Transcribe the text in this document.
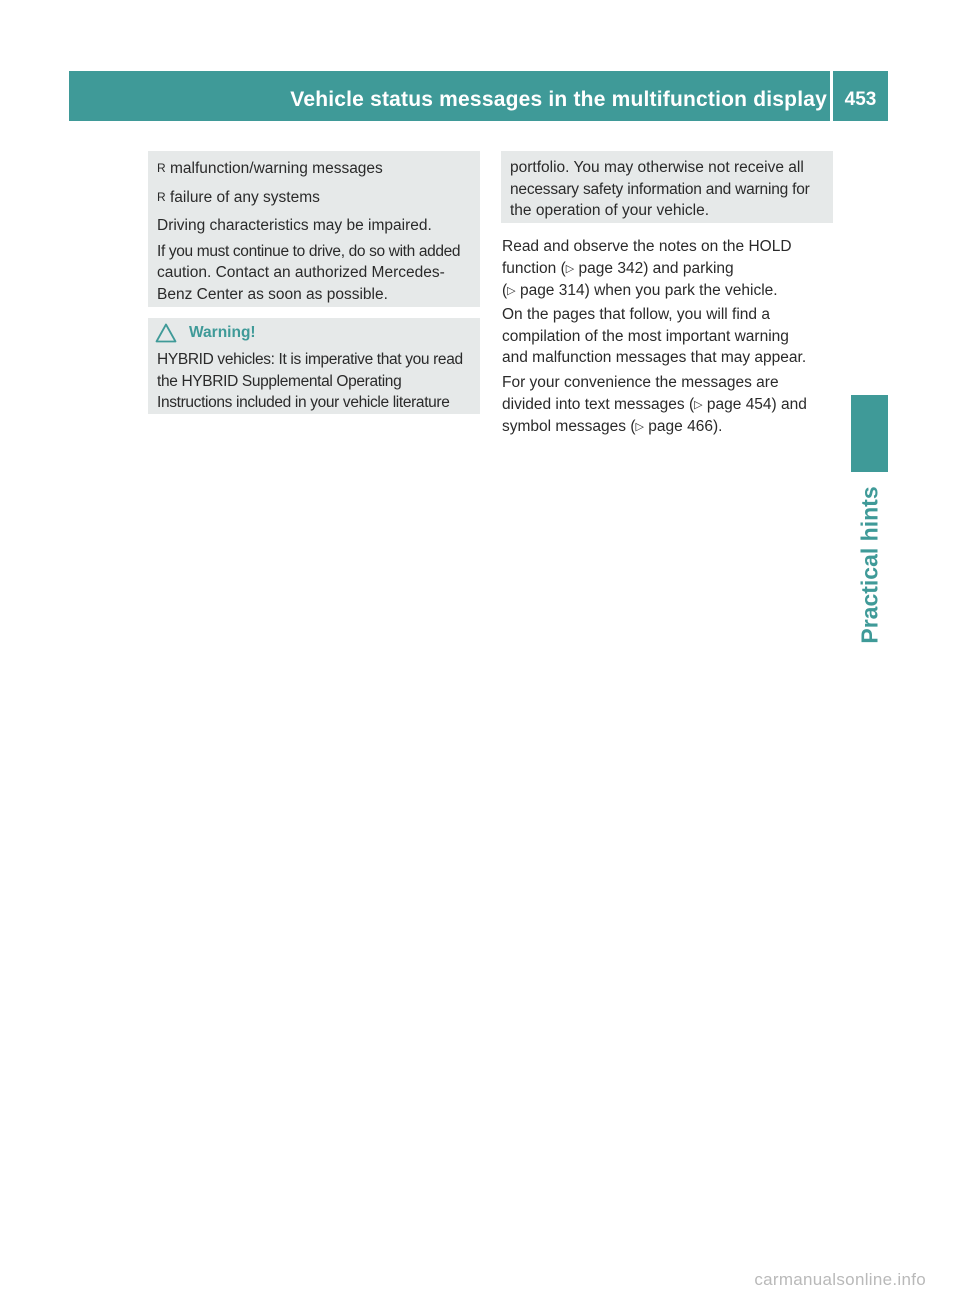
Vehicle status messages in the multifunction display 453
R malfunction/warning messages
R failure of any systems
Driving characteristics may be impaired.
If you must continue to drive, do so with added
caution. Contact an authorized Mercedes-
Benz Center as soon as possible.
Warning!
HYBRID vehicles: It is imperative that you read
the HYBRID Supplemental Operating
Instructions included in your vehicle literature
portfolio. You may otherwise not receive all
necessary safety information and warning for
the operation of your vehicle.
Read and observe the notes on the HOLD
function (▷ page 342) and parking
(▷ page 314) when you park the vehicle.
On the pages that follow, you will find a
compilation of the most important warning
and malfunction messages that may appear.
For your convenience the messages are
divided into text messages (▷ page 454) and
symbol messages (▷ page 466).
Practical hints
carmanualsonline.info
